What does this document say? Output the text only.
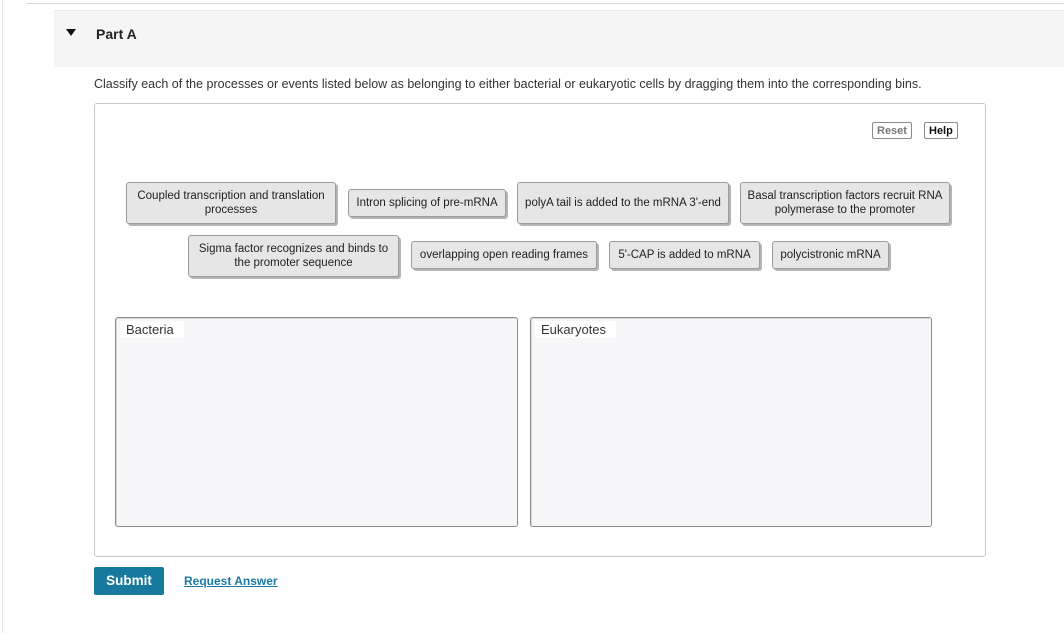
Part A
Classify each of the processes or events listed below as belonging to either bacterial or eukaryotic cells by dragging them into the corresponding bins.
Reset	Help
Coupled transcription and translation processes
Intron splicing of pre-mRNA	polyA tail is added to the mRNA 3'-end
Basal transcription factors recruit RNA polymerase to the promoter
Sigma factor recognizes and binds to the promoter sequence
overlapping open reading frames	5'-CAP is added to mRNA	polycistronic mRNA
Bacteria	Eukaryotes
Submit	Request Answer
